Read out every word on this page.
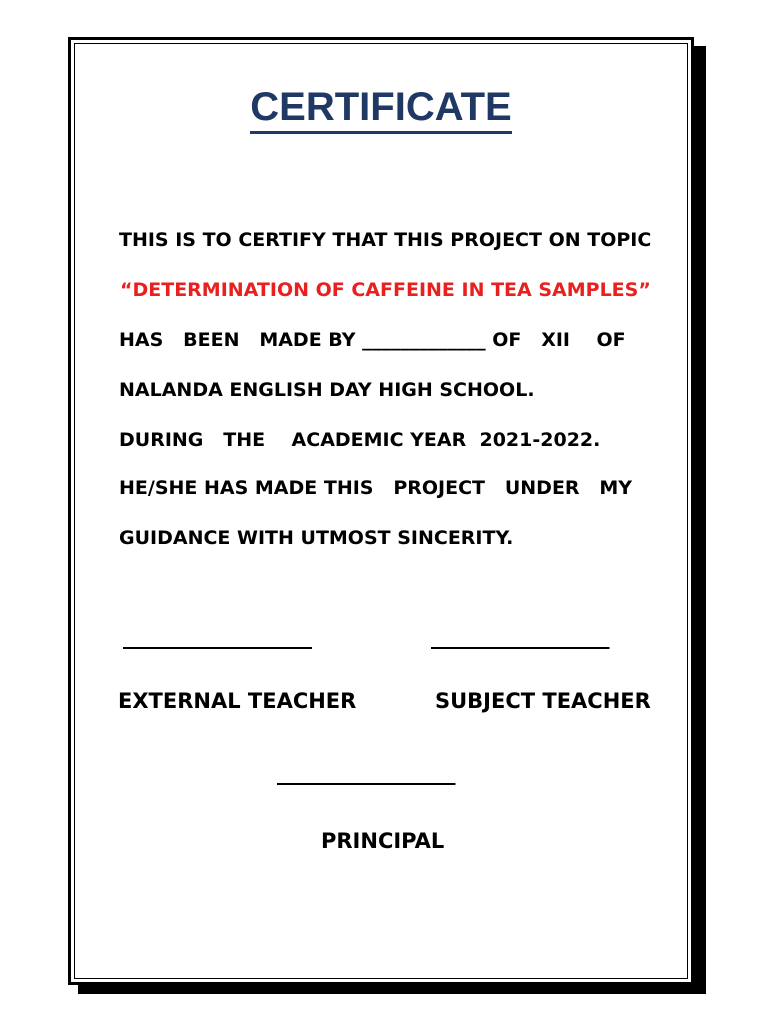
CERTIFICATE
THIS IS TO CERTIFY THAT THIS PROJECT ON TOPIC
“DETERMINATION OF CAFFEINE IN TEA SAMPLES”
HAS   BEEN   MADE BY _____________ OF   XII    OF
NALANDA ENGLISH DAY HIGH SCHOOL.
DURING   THE    ACADEMIC YEAR  2021-2022.
HE/SHE HAS MADE THIS   PROJECT   UNDER   MY
GUIDANCE WITH UTMOST SINCERITY.
__________________	_________________
EXTERNAL TEACHER	SUBJECT TEACHER
_________________
PRINCIPAL
